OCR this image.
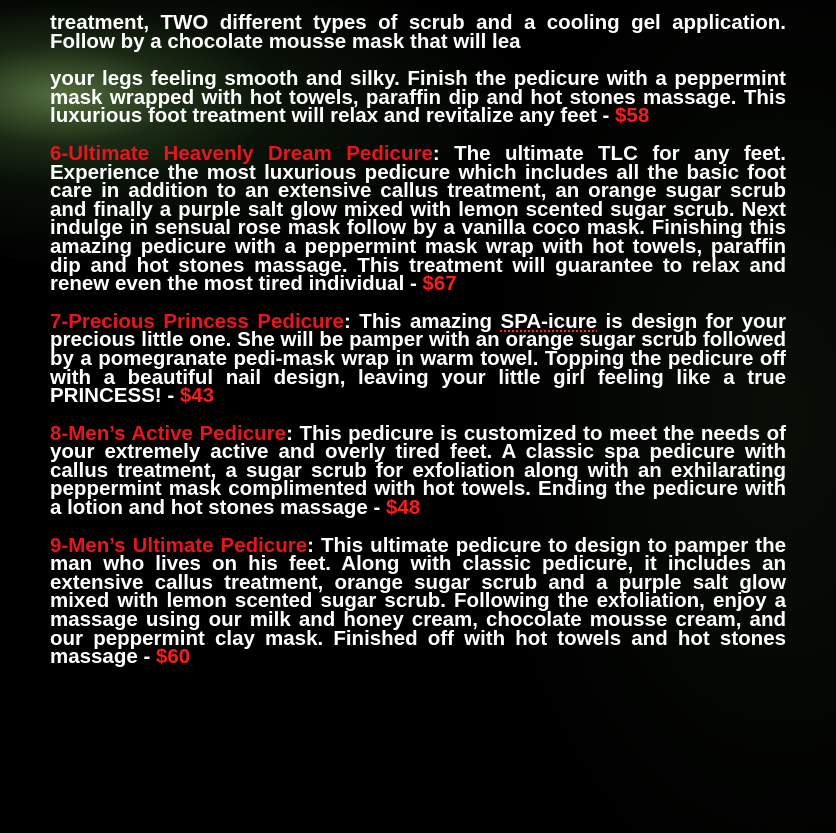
treatment, TWO different types of scrub and a cooling gel application. Follow by a chocolate mousse mask that will lea

your legs feeling smooth and silky. Finish the pedicure with a peppermint mask wrapped with hot towels, paraffin dip and hot stones massage. This luxurious foot treatment will relax and revitalize any feet - $58

6-Ultimate Heavenly Dream Pedicure: The ultimate TLC for any feet. Experience the most luxurious pedicure which includes all the basic foot care in addition to an extensive callus treatment, an orange sugar scrub and finally a purple salt glow mixed with lemon scented sugar scrub. Next indulge in sensual rose mask follow by a vanilla coco mask. Finishing this amazing pedicure with a peppermint mask wrap with hot towels, paraffin dip and hot stones massage. This treatment will guarantee to relax and renew even the most tired individual - $67

7-Precious Princess Pedicure: This amazing SPA-icure is design for your precious little one. She will be pamper with an orange sugar scrub followed by a pomegranate pedi-mask wrap in warm towel. Topping the pedicure off with a beautiful nail design, leaving your little girl feeling like a true PRINCESS! - $43

8-Men’s Active Pedicure: This pedicure is customized to meet the needs of your extremely active and overly tired feet. A classic spa pedicure with callus treatment, a sugar scrub for exfoliation along with an exhilarating peppermint mask complimented with hot towels. Ending the pedicure with a lotion and hot stones massage - $48

9-Men’s Ultimate Pedicure: This ultimate pedicure to design to pamper the man who lives on his feet. Along with classic pedicure, it includes an extensive callus treatment, orange sugar scrub and a purple salt glow mixed with lemon scented sugar scrub. Following the exfoliation, enjoy a massage using our milk and honey cream, chocolate mousse cream, and our peppermint clay mask. Finished off with hot towels and hot stones massage - $60
